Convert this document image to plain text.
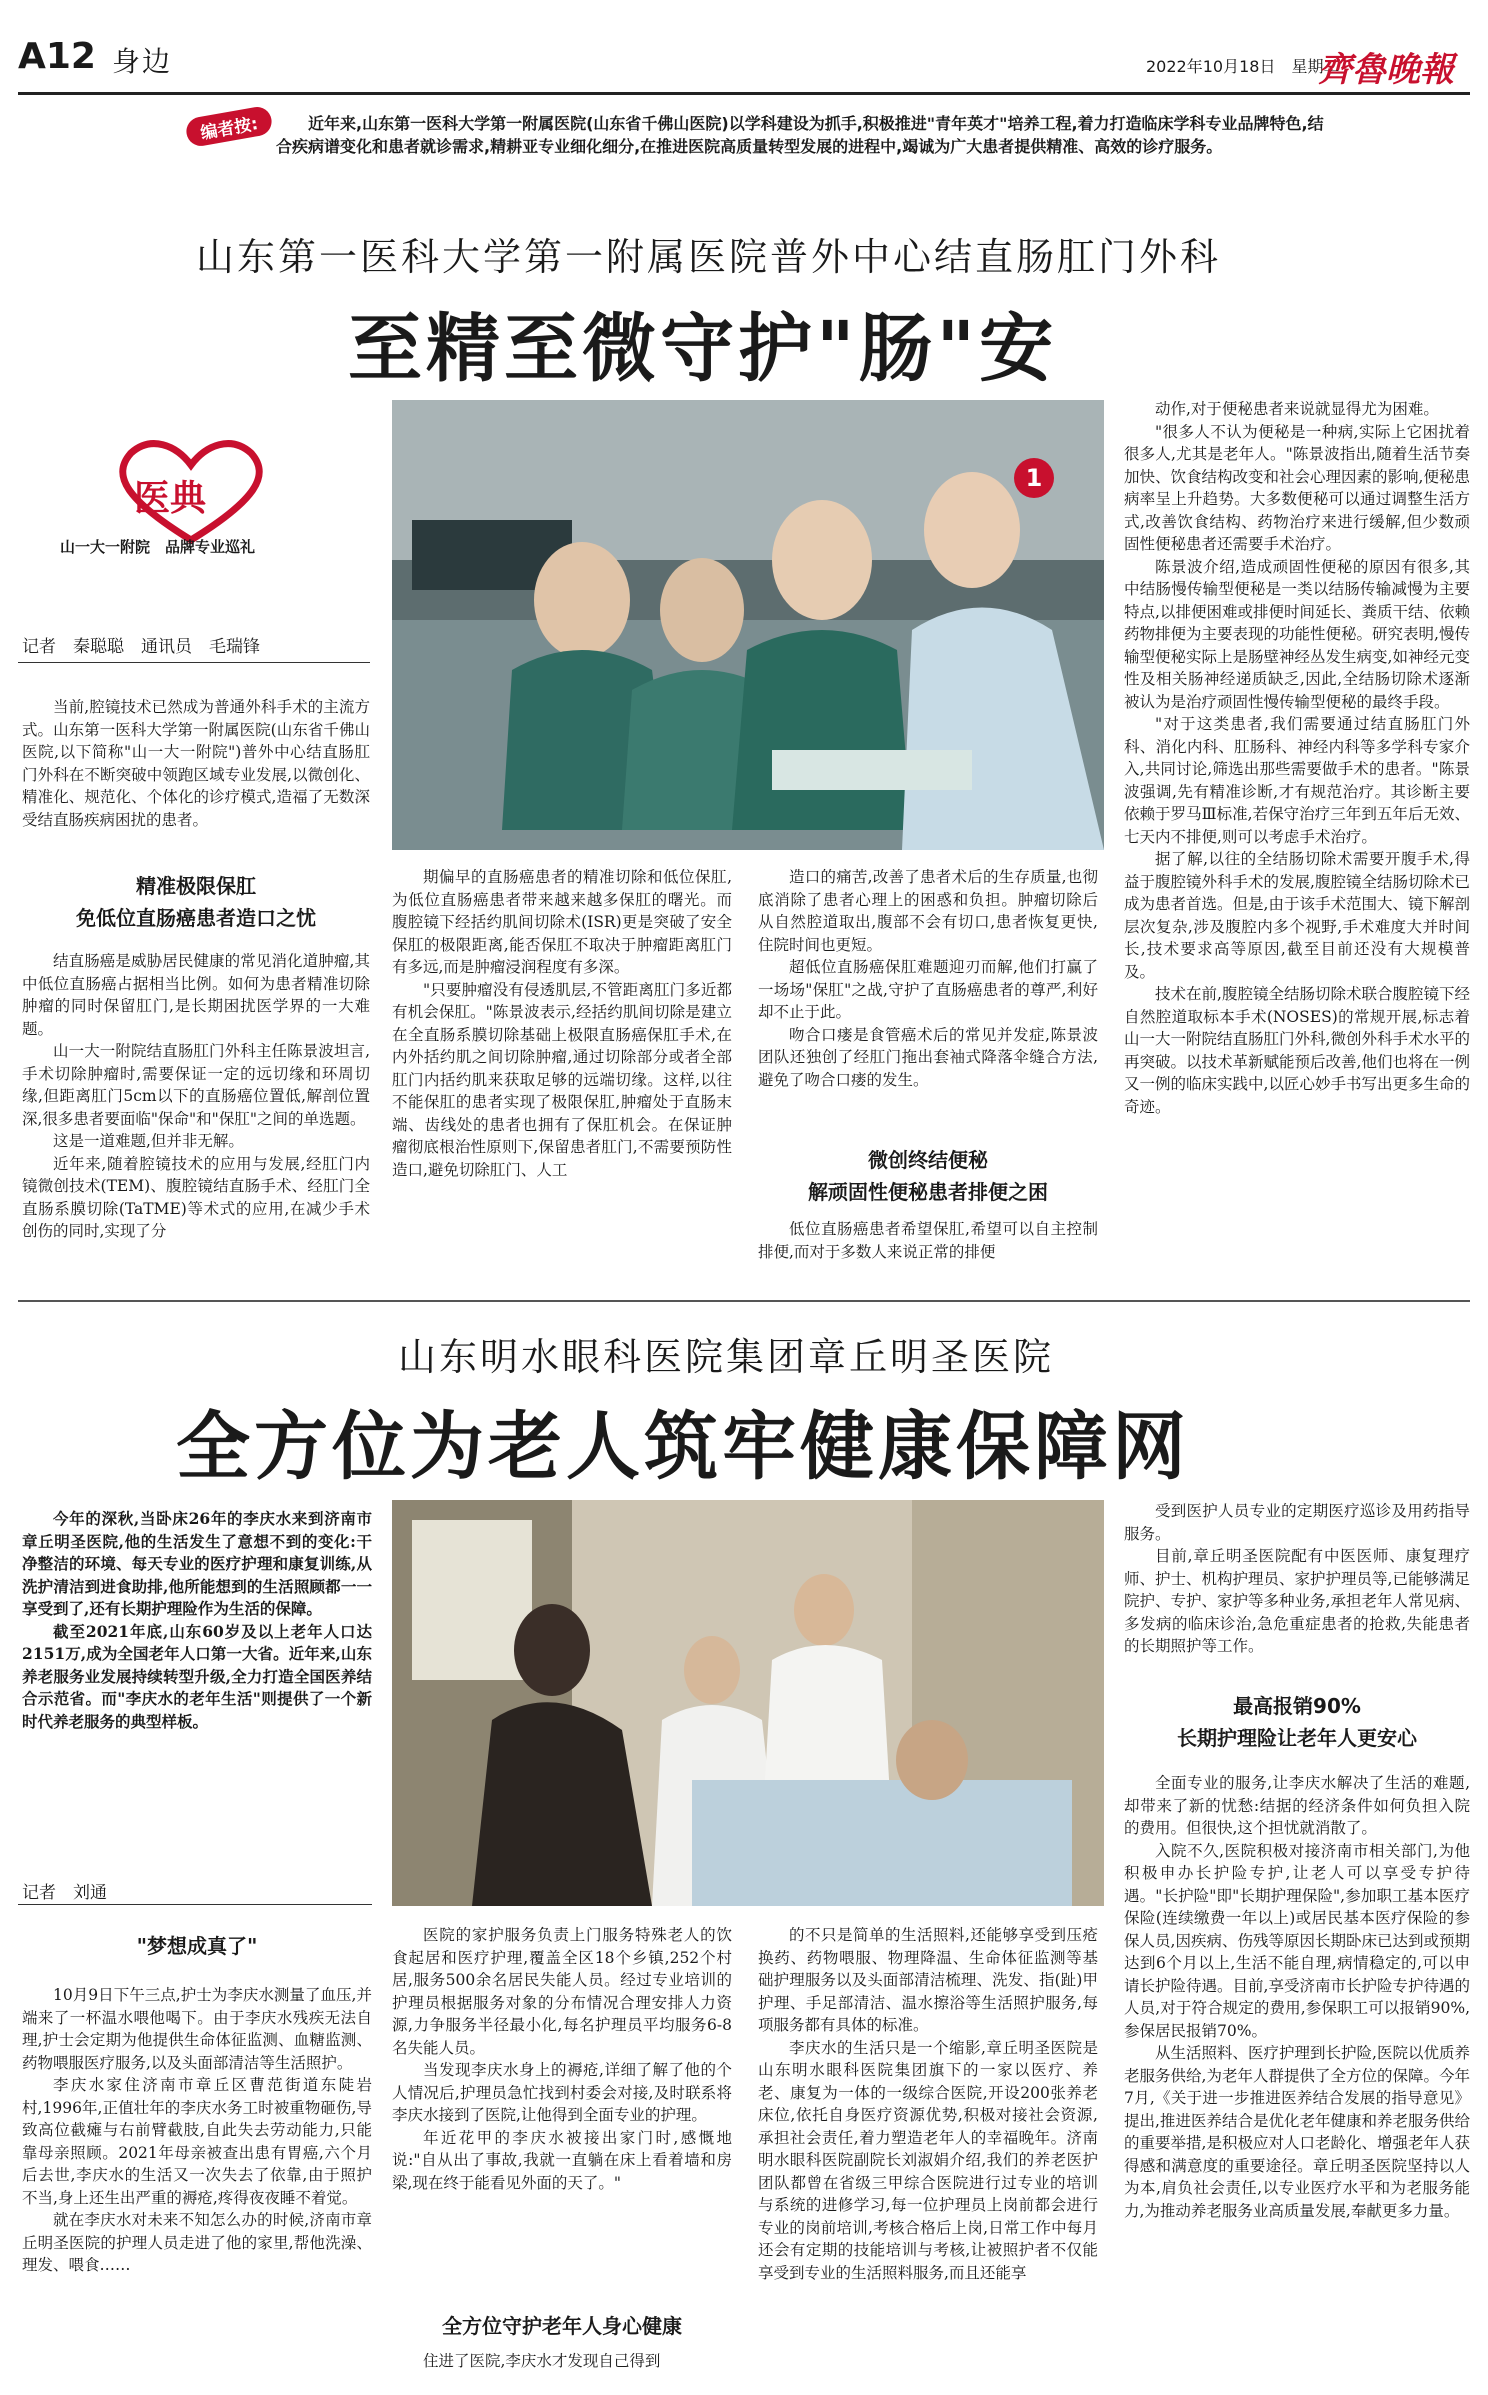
A12 身边	2022年10月18日　星期二
齊魯晚報
编者按:	近年来,山东第一医科大学第一附属医院(山东省千佛山医院)以学科建设为抓手,积极推进"青年英才"培养工程,着力打造临床学科专业品牌特色,结合疾病谱变化和患者就诊需求,精耕亚专业细化细分,在推进医院高质量转型发展的进程中,竭诚为广大患者提供精准、高效的诊疗服务。
山东第一医科大学第一附属医院普外中心结直肠肛门外科
至精至微守护"肠"安
医典
山一大一附院　品牌专业巡礼
记者　秦聪聪　通讯员　毛瑞锋
1

当前,腔镜技术已然成为普通外科手术的主流方式。山东第一医科大学第一附属医院(山东省千佛山医院,以下简称"山一大一附院")普外中心结直肠肛门外科在不断突破中领跑区域专业发展,以微创化、精准化、规范化、个体化的诊疗模式,造福了无数深受结直肠疾病困扰的患者。

精准极限保肛
免低位直肠癌患者造口之忧

结直肠癌是威胁居民健康的常见消化道肿瘤,其中低位直肠癌占据相当比例。如何为患者精准切除肿瘤的同时保留肛门,是长期困扰医学界的一大难题。

山一大一附院结直肠肛门外科主任陈景波坦言,手术切除肿瘤时,需要保证一定的远切缘和环周切缘,但距离肛门5cm以下的直肠癌位置低,解剖位置深,很多患者要面临"保命"和"保肛"之间的单选题。

这是一道难题,但并非无解。

近年来,随着腔镜技术的应用与发展,经肛门内镜微创技术(TEM)、腹腔镜结直肠手术、经肛门全直肠系膜切除(TaTME)等术式的应用,在减少手术创伤的同时,实现了分

期偏早的直肠癌患者的精准切除和低位保肛,为低位直肠癌患者带来越来越多保肛的曙光。而腹腔镜下经括约肌间切除术(ISR)更是突破了安全保肛的极限距离,能否保肛不取决于肿瘤距离肛门有多远,而是肿瘤浸润程度有多深。

"只要肿瘤没有侵透肌层,不管距离肛门多近都有机会保肛。"陈景波表示,经括约肌间切除是建立在全直肠系膜切除基础上极限直肠癌保肛手术,在内外括约肌之间切除肿瘤,通过切除部分或者全部肛门内括约肌来获取足够的远端切缘。这样,以往不能保肛的患者实现了极限保肛,肿瘤处于直肠末端、齿线处的患者也拥有了保肛机会。在保证肿瘤彻底根治性原则下,保留患者肛门,不需要预防性造口,避免切除肛门、人工

造口的痛苦,改善了患者术后的生存质量,也彻底消除了患者心理上的困惑和负担。肿瘤切除后从自然腔道取出,腹部不会有切口,患者恢复更快,住院时间也更短。

超低位直肠癌保肛难题迎刃而解,他们打赢了一场场"保肛"之战,守护了直肠癌患者的尊严,利好却不止于此。

吻合口瘘是食管癌术后的常见并发症,陈景波团队还独创了经肛门拖出套袖式降落伞缝合方法,避免了吻合口瘘的发生。

微创终结便秘
解顽固性便秘患者排便之困

低位直肠癌患者希望保肛,希望可以自主控制排便,而对于多数人来说正常的排便

动作,对于便秘患者来说就显得尤为困难。

"很多人不认为便秘是一种病,实际上它困扰着很多人,尤其是老年人。"陈景波指出,随着生活节奏加快、饮食结构改变和社会心理因素的影响,便秘患病率呈上升趋势。大多数便秘可以通过调整生活方式,改善饮食结构、药物治疗来进行缓解,但少数顽固性便秘患者还需要手术治疗。

陈景波介绍,造成顽固性便秘的原因有很多,其中结肠慢传输型便秘是一类以结肠传输减慢为主要特点,以排便困难或排便时间延长、粪质干结、依赖药物排便为主要表现的功能性便秘。研究表明,慢传输型便秘实际上是肠壁神经丛发生病变,如神经元变性及相关肠神经递质缺乏,因此,全结肠切除术逐渐被认为是治疗顽固性慢传输型便秘的最终手段。

"对于这类患者,我们需要通过结直肠肛门外科、消化内科、肛肠科、神经内科等多学科专家介入,共同讨论,筛选出那些需要做手术的患者。"陈景波强调,先有精准诊断,才有规范治疗。其诊断主要依赖于罗马Ⅲ标准,若保守治疗三年到五年后无效、七天内不排便,则可以考虑手术治疗。

据了解,以往的全结肠切除术需要开腹手术,得益于腹腔镜外科手术的发展,腹腔镜全结肠切除术已成为患者首选。但是,由于该手术范围大、镜下解剖层次复杂,涉及腹腔内多个视野,手术难度大并时间长,技术要求高等原因,截至目前还没有大规模普及。

技术在前,腹腔镜全结肠切除术联合腹腔镜下经自然腔道取标本手术(NOSES)的常规开展,标志着山一大一附院结直肠肛门外科,微创外科手术水平的再突破。以技术革新赋能预后改善,他们也将在一例又一例的临床实践中,以匠心妙手书写出更多生命的奇迹。

山东明水眼科医院集团章丘明圣医院
全方位为老人筑牢健康保障网

今年的深秋,当卧床26年的李庆水来到济南市章丘明圣医院,他的生活发生了意想不到的变化:干净整洁的环境、每天专业的医疗护理和康复训练,从洗护清洁到进食助排,他所能想到的生活照顾都一一享受到了,还有长期护理险作为生活的保障。

截至2021年底,山东60岁及以上老年人口达2151万,成为全国老年人口第一大省。近年来,山东养老服务业发展持续转型升级,全力打造全国医养结合示范省。而"李庆水的老年生活"则提供了一个新时代养老服务的典型样板。

记者　刘通
"梦想成真了"

10月9日下午三点,护士为李庆水测量了血压,并端来了一杯温水喂他喝下。由于李庆水残疾无法自理,护士会定期为他提供生命体征监测、血糖监测、药物喂服医疗服务,以及头面部清洁等生活照护。

李庆水家住济南市章丘区曹范街道东陡岩村,1996年,正值壮年的李庆水务工时被重物砸伤,导致高位截瘫与右前臂截肢,自此失去劳动能力,只能靠母亲照顾。2021年母亲被查出患有胃癌,六个月后去世,李庆水的生活又一次失去了依靠,由于照护不当,身上还生出严重的褥疮,疼得夜夜睡不着觉。

就在李庆水对未来不知怎么办的时候,济南市章丘明圣医院的护理人员走进了他的家里,帮他洗澡、理发、喂食……

医院的家护服务负责上门服务特殊老人的饮食起居和医疗护理,覆盖全区18个乡镇,252个村居,服务500余名居民失能人员。经过专业培训的护理员根据服务对象的分布情况合理安排人力资源,力争服务半径最小化,每名护理员平均服务6-8名失能人员。

当发现李庆水身上的褥疮,详细了解了他的个人情况后,护理员急忙找到村委会对接,及时联系将李庆水接到了医院,让他得到全面专业的护理。

年近花甲的李庆水被接出家门时,感慨地说:"自从出了事故,我就一直躺在床上看着墙和房梁,现在终于能看见外面的天了。"

全方位守护老年人身心健康

住进了医院,李庆水才发现自己得到

的不只是简单的生活照料,还能够享受到压疮换药、药物喂服、物理降温、生命体征监测等基础护理服务以及头面部清洁梳理、洗发、指(趾)甲护理、手足部清洁、温水擦浴等生活照护服务,每项服务都有具体的标准。

李庆水的生活只是一个缩影,章丘明圣医院是山东明水眼科医院集团旗下的一家以医疗、养老、康复为一体的一级综合医院,开设200张养老床位,依托自身医疗资源优势,积极对接社会资源,承担社会责任,着力塑造老年人的幸福晚年。济南明水眼科医院副院长刘淑娟介绍,我们的养老医护团队都曾在省级三甲综合医院进行过专业的培训与系统的进修学习,每一位护理员上岗前都会进行专业的岗前培训,考核合格后上岗,日常工作中每月还会有定期的技能培训与考核,让被照护者不仅能享受到专业的生活照料服务,而且还能享

受到医护人员专业的定期医疗巡诊及用药指导服务。

目前,章丘明圣医院配有中医医师、康复理疗师、护士、机构护理员、家护护理员等,已能够满足院护、专护、家护等多种业务,承担老年人常见病、多发病的临床诊治,急危重症患者的抢救,失能患者的长期照护等工作。

最高报销90%
长期护理险让老年人更安心

全面专业的服务,让李庆水解决了生活的难题,却带来了新的忧愁:结据的经济条件如何负担入院的费用。但很快,这个担忧就消散了。

入院不久,医院积极对接济南市相关部门,为他积极申办长护险专护,让老人可以享受专护待遇。"长护险"即"长期护理保险",参加职工基本医疗保险(连续缴费一年以上)或居民基本医疗保险的参保人员,因疾病、伤残等原因长期卧床已达到或预期达到6个月以上,生活不能自理,病情稳定的,可以申请长护险待遇。目前,享受济南市长护险专护待遇的人员,对于符合规定的费用,参保职工可以报销90%,参保居民报销70%。

从生活照料、医疗护理到长护险,医院以优质养老服务供给,为老年人群提供了全方位的保障。今年7月,《关于进一步推进医养结合发展的指导意见》提出,推进医养结合是优化老年健康和养老服务供给的重要举措,是积极应对人口老龄化、增强老年人获得感和满意度的重要途径。章丘明圣医院坚持以人为本,肩负社会责任,以专业医疗水平和为老服务能力,为推动养老服务业高质量发展,奉献更多力量。
